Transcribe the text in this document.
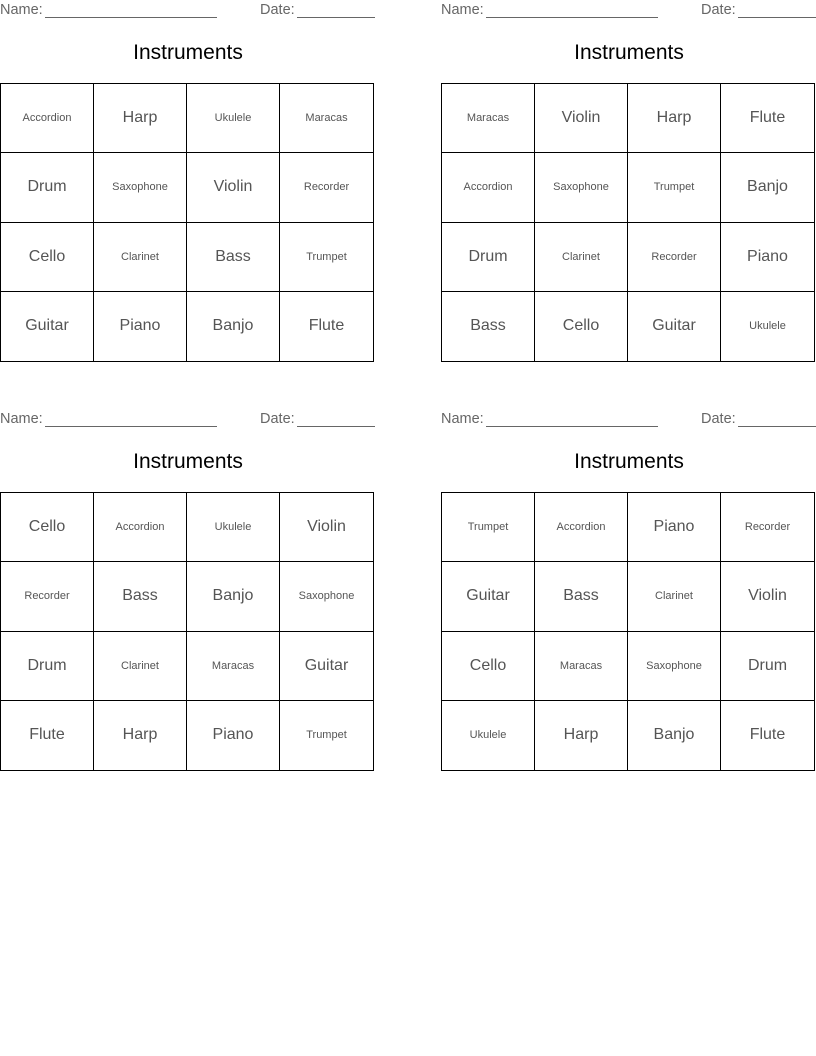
Name:	Date:
Instruments
Accordion	Harp	Ukulele	Maracas
Drum	Saxophone	Violin	Recorder
Cello	Clarinet	Bass	Trumpet
Guitar	Piano	Banjo	Flute
Name:	Date:
Instruments
Maracas	Violin	Harp	Flute
Accordion	Saxophone	Trumpet	Banjo
Drum	Clarinet	Recorder	Piano
Bass	Cello	Guitar	Ukulele
Name:	Date:
Instruments
Cello	Accordion	Ukulele	Violin
Recorder	Bass	Banjo	Saxophone
Drum	Clarinet	Maracas	Guitar
Flute	Harp	Piano	Trumpet
Name:	Date:
Instruments
Trumpet	Accordion	Piano	Recorder
Guitar	Bass	Clarinet	Violin
Cello	Maracas	Saxophone	Drum
Ukulele	Harp	Banjo	Flute
